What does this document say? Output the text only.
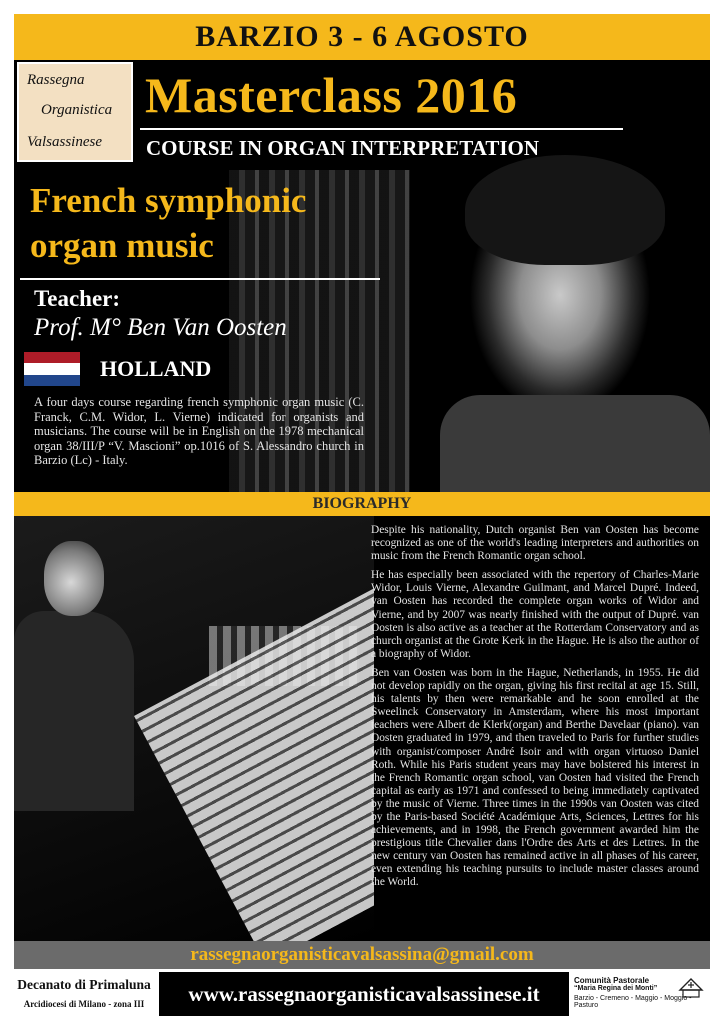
BARZIO 3 - 6 AGOSTO
Rassegna
Organistica
Valsassinese
Masterclass 2016
COURSE IN ORGAN INTERPRETATION
French symphonic
organ music
Teacher:
Prof. M° Ben Van Oosten
HOLLAND
A four days course regarding french symphonic organ music (C. Franck, C.M. Widor, L. Vierne) indicated for organists and musicians. The course will be in English on the 1978 mechanical organ 38/III/P “V. Mascioni” op.1016 of S. Alessandro church in Barzio (Lc) - Italy.
BIOGRAPHY

Despite his nationality, Dutch organist Ben van Oosten has become recognized as one of the world's leading interpreters and authorities on music from the French Romantic organ school.

He has especially been associated with the repertory of Charles-Marie Widor, Louis Vierne, Alexandre Guilmant, and Marcel Dupré. Indeed, van Oosten has recorded the complete organ works of Widor and Vierne, and by 2007 was nearly finished with the output of Dupré. van Oosten is also active as a teacher at the Rotterdam Conservatory and as church organist at the Grote Kerk in the Hague. He is also the author of a biography of Widor.

Ben van Oosten was born in the Hague, Netherlands, in 1955. He did not develop rapidly on the organ, giving his first recital at age 15. Still, his talents by then were remarkable and he soon enrolled at the Sweelinck Conservatory in Amsterdam, where his most important teachers were Albert de Klerk(organ) and Berthe Davelaar (piano). van Oosten graduated in 1979, and then traveled to Paris for further studies with organist/composer André Isoir and with organ virtuoso Daniel Roth. While his Paris student years may have bolstered his interest in the French Romantic organ school, van Oosten had visited the French capital as early as 1971 and confessed to being immediately captivated by the music of Vierne. Three times in the 1990s van Oosten was cited by the Paris-based Société Académique Arts, Sciences, Lettres for his achievements, and in 1998, the French government awarded him the prestigious title Chevalier dans l'Ordre des Arts et des Lettres. In the new century van Oosten has remained active in all phases of his career, even extending his teaching pursuits to include master classes around the World.

rassegnaorganisticavalsassina@gmail.com
Decanato di Primaluna
Arcidiocesi di Milano - zona III	www.rassegnaorganisticavalsassinese.it
Comunità Pastorale
“Maria Regina dei Monti”
Barzio - Cremeno - Maggio - Moggio - Pasturo
